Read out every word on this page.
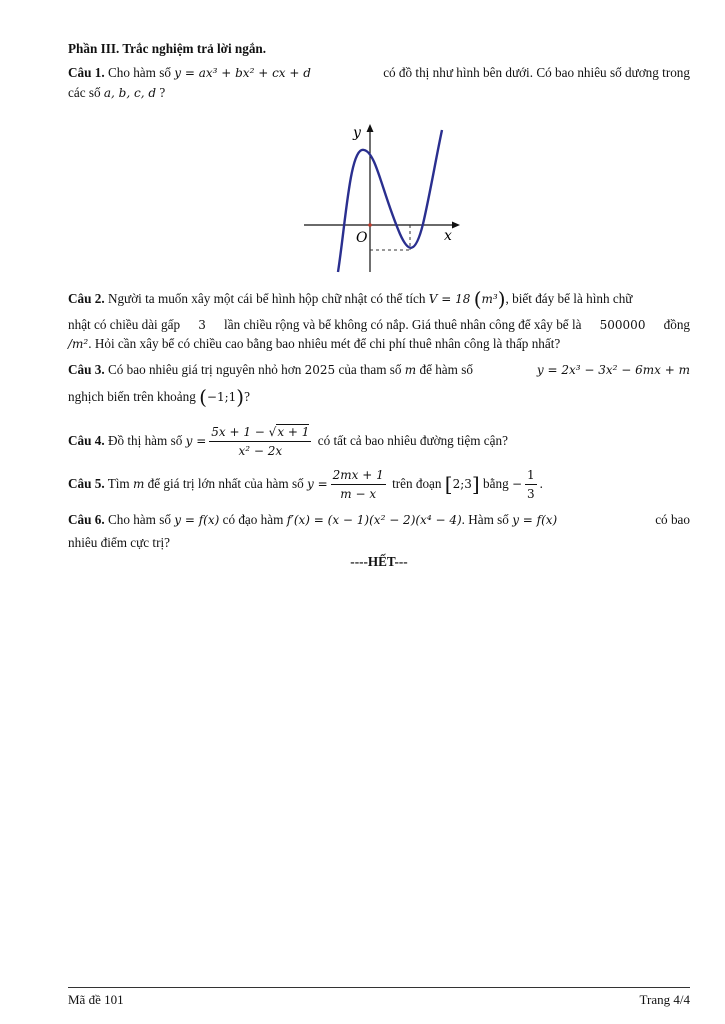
Phần III. Trắc nghiệm trả lời ngắn.
Câu 1. Cho hàm số y = ax³ + bx² + cx + d	có đồ thị như hình bên dưới. Có bao nhiêu số dương trong
các số a, b, c, d ?
y
x
O
Câu 2. Người ta muốn xây một cái bể hình hộp chữ nhật có thể tích V = 18 (m³), biết đáy bể là hình chữ
nhật có chiều dài gấp 3 lần chiều rộng và bể không có nắp. Giá thuê nhân công để xây bể là 500000 đồng
/m². Hỏi cần xây bể có chiều cao bằng bao nhiêu mét để chi phí thuê nhân công là thấp nhất?
Câu 3. Có bao nhiêu giá trị nguyên nhỏ hơn 2025 của tham số m để hàm số	y = 2x³ − 3x² − 6mx + m
nghịch biến trên khoảng (−1;1)?
Câu 4. Đồ thị hàm số $y = \frac{5x + 1 - √x + 1}{\text{x² − 2x}}$ có tất cả bao nhiêu đường tiệm cận?
Câu 5. Tìm m để giá trị lớn nhất của hàm số $y = \frac{2mx + 1}{m - x}$ trên đoạn [2;3] bằng − $\frac{1}{3}$ .
Câu 6. Cho hàm số y = f(x) có đạo hàm f′(x) = (x − 1)(x² − 2)(x⁴ − 4). Hàm số y = f(x)	có bao
nhiêu điểm cực trị?
----HẾT---
Mã đề 101	Trang 4/4
